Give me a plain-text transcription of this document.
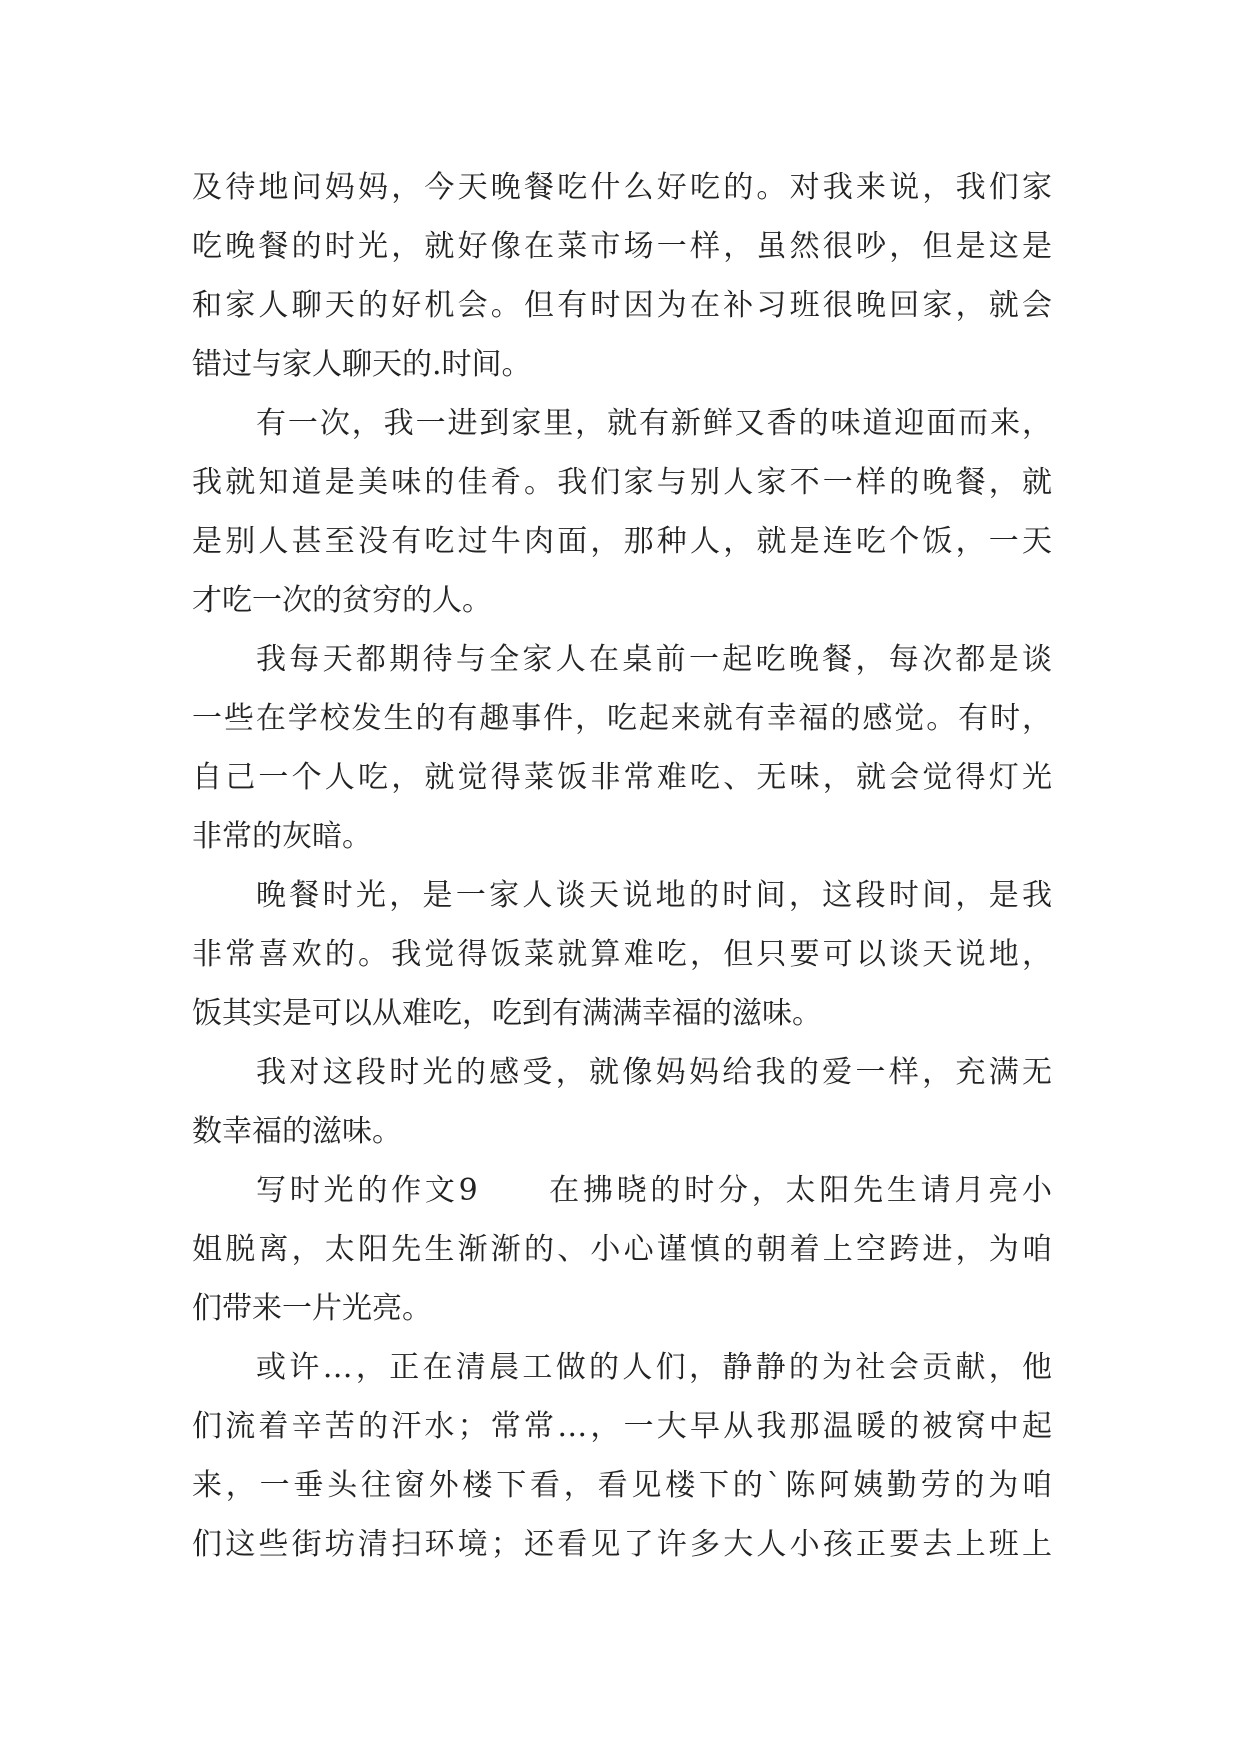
及待地问妈妈，今天晚餐吃什么好吃的。对我来说，我们家
吃晚餐的时光，就好像在菜市场一样，虽然很吵，但是这是
和家人聊天的好机会。但有时因为在补习班很晚回家，就会
错过与家人聊天的.时间。
有一次，我一进到家里，就有新鲜又香的味道迎面而来，
我就知道是美味的佳肴。我们家与别人家不一样的晚餐，就
是别人甚至没有吃过牛肉面，那种人，就是连吃个饭，一天
才吃一次的贫穷的人。
我每天都期待与全家人在桌前一起吃晚餐，每次都是谈
一些在学校发生的有趣事件，吃起来就有幸福的感觉。有时，
自己一个人吃，就觉得菜饭非常难吃、无味，就会觉得灯光
非常的灰暗。
晚餐时光，是一家人谈天说地的时间，这段时间，是我
非常喜欢的。我觉得饭菜就算难吃，但只要可以谈天说地，
饭其实是可以从难吃，吃到有满满幸福的滋味。
我对这段时光的感受，就像妈妈给我的爱一样，充满无
数幸福的滋味。
写时光的作文9　　在拂晓的时分，太阳先生请月亮小
姐脱离，太阳先生渐渐的、小心谨慎的朝着上空跨进，为咱
们带来一片光亮。
或许…，正在清晨工做的人们，静静的为社会贡献，他
们流着辛苦的汗水；常常…，一大早从我那温暖的被窝中起
来，一垂头往窗外楼下看，看见楼下的`陈阿姨勤劳的为咱
们这些街坊清扫环境；还看见了许多大人小孩正要去上班上
